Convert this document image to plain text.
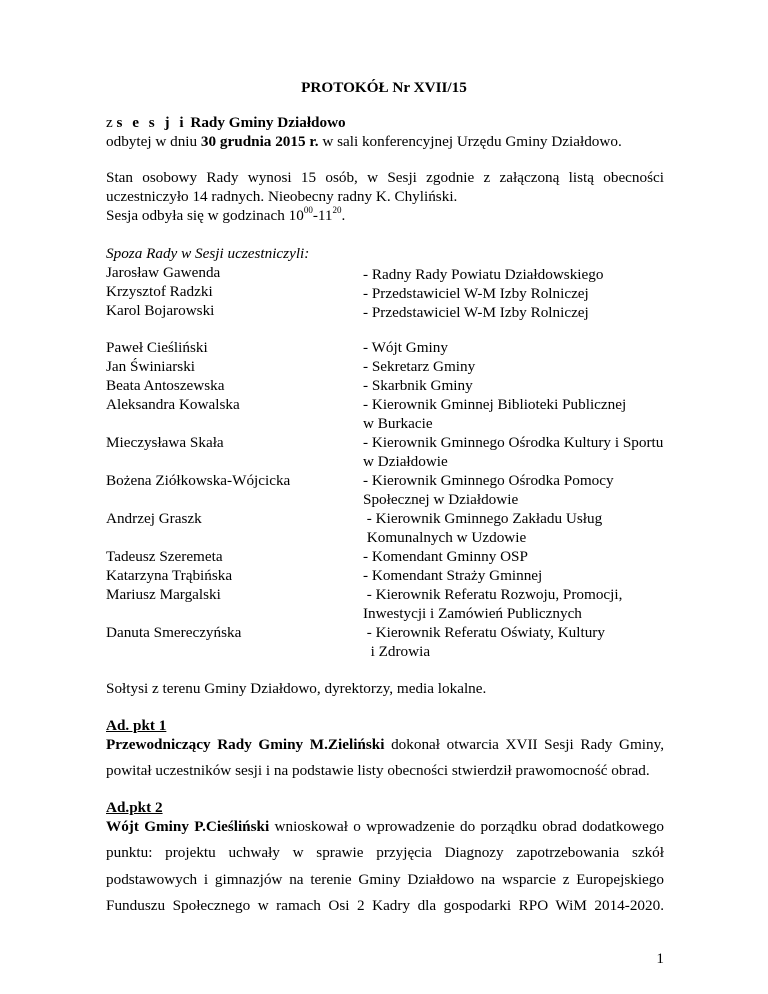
PROTOKÓŁ Nr XVII/15
z s e s j i Rady Gminy Działdowo
odbytej w dniu 30 grudnia 2015 r. w sali konferencyjnej Urzędu Gminy Działdowo.
Stan osobowy Rady wynosi 15 osób, w Sesji zgodnie z załączoną listą obecności
uczestniczyło 14 radnych. Nieobecny radny K. Chyliński.
Sesja odbyła się w godzinach $10^{00}-11^{20}$.
Spoza Rady w Sesji uczestniczyli:
Jarosław Gawenda	- Radny Rady Powiatu Działdowskiego
Krzysztof Radzki	- Przedstawiciel W-M Izby Rolniczej
Karol Bojarowski	- Przedstawiciel W-M Izby Rolniczej
Paweł Cieśliński	- Wójt Gminy
Jan Świniarski	- Sekretarz Gminy
Beata Antoszewska	- Skarbnik Gminy
Aleksandra Kowalska	- Kierownik Gminnej Biblioteki Publicznej
w Burkacie
Mieczysława Skała	- Kierownik Gminnego Ośrodka Kultury i Sportu
w Działdowie
Bożena Ziółkowska-Wójcicka	- Kierownik Gminnego Ośrodka Pomocy
Społecznej w Działdowie
Andrzej Graszk	- Kierownik Gminnego Zakładu Usług
Komunalnych w Uzdowie
Tadeusz Szeremeta	- Komendant Gminny OSP
Katarzyna Trąbińska	- Komendant Straży Gminnej
Mariusz Margalski	- Kierownik Referatu Rozwoju, Promocji,
Inwestycji i Zamówień Publicznych
Danuta Smereczyńska	- Kierownik Referatu Oświaty, Kultury
i Zdrowia
Sołtysi z terenu Gminy Działdowo, dyrektorzy, media lokalne.
Ad. pkt 1
Przewodniczący Rady Gminy M.Zieliński dokonał otwarcia XVII Sesji Rady Gminy,
powitał uczestników sesji i na podstawie listy obecności stwierdził prawomocność obrad.
Ad.pkt 2
Wójt Gminy P.Cieśliński wnioskował o wprowadzenie do porządku obrad dodatkowego
punktu: projektu uchwały w sprawie przyjęcia Diagnozy zapotrzebowania szkół
podstawowych i gimnazjów na terenie Gminy Działdowo na wsparcie z Europejskiego
Funduszu Społecznego w ramach Osi 2 Kadry dla gospodarki RPO WiM 2014-2020.
1
